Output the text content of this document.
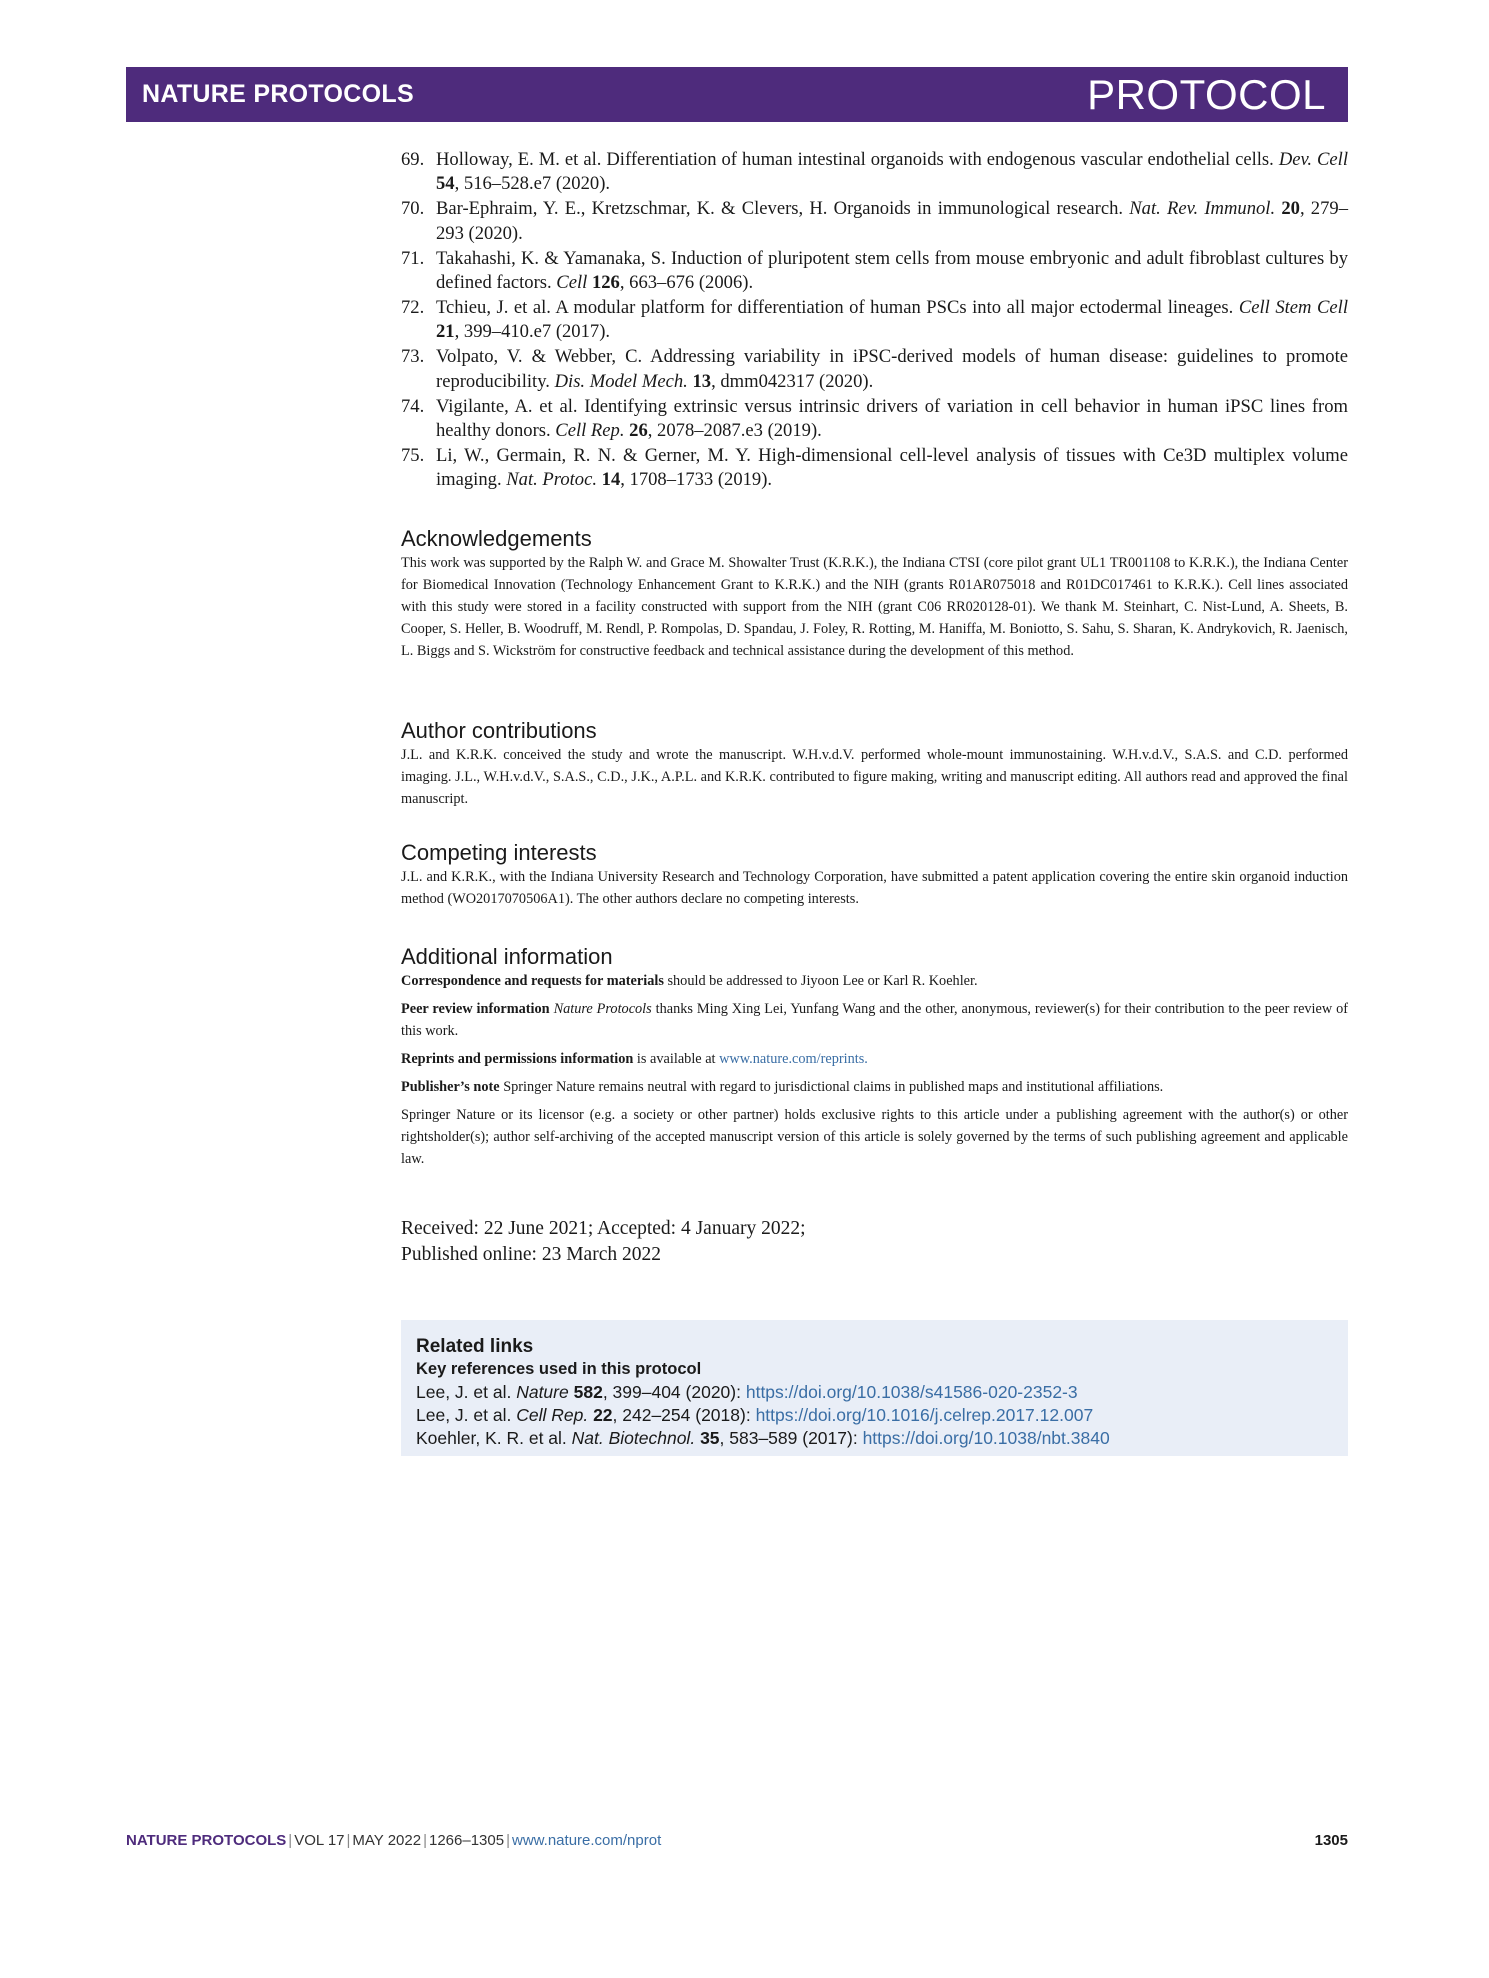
NATURE PROTOCOLS	PROTOCOL
69. Holloway, E. M. et al. Differentiation of human intestinal organoids with endogenous vascular endothelial cells. Dev. Cell 54, 516–528.e7 (2020).
70. Bar-Ephraim, Y. E., Kretzschmar, K. & Clevers, H. Organoids in immunological research. Nat. Rev. Immunol. 20, 279–293 (2020).
71. Takahashi, K. & Yamanaka, S. Induction of pluripotent stem cells from mouse embryonic and adult fibroblast cultures by defined factors. Cell 126, 663–676 (2006).
72. Tchieu, J. et al. A modular platform for differentiation of human PSCs into all major ectodermal lineages. Cell Stem Cell 21, 399–410.e7 (2017).
73. Volpato, V. & Webber, C. Addressing variability in iPSC-derived models of human disease: guidelines to promote reproducibility. Dis. Model Mech. 13, dmm042317 (2020).
74. Vigilante, A. et al. Identifying extrinsic versus intrinsic drivers of variation in cell behavior in human iPSC lines from healthy donors. Cell Rep. 26, 2078–2087.e3 (2019).
75. Li, W., Germain, R. N. & Gerner, M. Y. High-dimensional cell-level analysis of tissues with Ce3D multiplex volume imaging. Nat. Protoc. 14, 1708–1733 (2019).
Acknowledgements

This work was supported by the Ralph W. and Grace M. Showalter Trust (K.R.K.), the Indiana CTSI (core pilot grant UL1 TR001108 to K.R.K.), the Indiana Center for Biomedical Innovation (Technology Enhancement Grant to K.R.K.) and the NIH (grants R01AR075018 and R01DC017461 to K.R.K.). Cell lines associated with this study were stored in a facility constructed with support from the NIH (grant C06 RR020128-01). We thank M. Steinhart, C. Nist-Lund, A. Sheets, B. Cooper, S. Heller, B. Woodruff, M. Rendl, P. Rompolas, D. Spandau, J. Foley, R. Rotting, M. Haniffa, M. Boniotto, S. Sahu, S. Sharan, K. Andrykovich, R. Jaenisch, L. Biggs and S. Wickström for constructive feedback and technical assistance during the development of this method.

Author contributions

J.L. and K.R.K. conceived the study and wrote the manuscript. W.H.v.d.V. performed whole-mount immunostaining. W.H.v.d.V., S.A.S. and C.D. performed imaging. J.L., W.H.v.d.V., S.A.S., C.D., J.K., A.P.L. and K.R.K. contributed to figure making, writing and manuscript editing. All authors read and approved the final manuscript.

Competing interests

J.L. and K.R.K., with the Indiana University Research and Technology Corporation, have submitted a patent application covering the entire skin organoid induction method (WO2017070506A1). The other authors declare no competing interests.

Additional information

Correspondence and requests for materials should be addressed to Jiyoon Lee or Karl R. Koehler.

Peer review information Nature Protocols thanks Ming Xing Lei, Yunfang Wang and the other, anonymous, reviewer(s) for their contribution to the peer review of this work.

Reprints and permissions information is available at www.nature.com/reprints.

Publisher’s note Springer Nature remains neutral with regard to jurisdictional claims in published maps and institutional affiliations.

Springer Nature or its licensor (e.g. a society or other partner) holds exclusive rights to this article under a publishing agreement with the author(s) or other rightsholder(s); author self-archiving of the accepted manuscript version of this article is solely governed by the terms of such publishing agreement and applicable law.

Received: 22 June 2021; Accepted: 4 January 2022;
Published online: 23 March 2022
Related links
Key references used in this protocol
Lee, J. et al. Nature 582, 399–404 (2020): https://doi.org/10.1038/s41586-020-2352-3
Lee, J. et al. Cell Rep. 22, 242–254 (2018): https://doi.org/10.1016/j.celrep.2017.12.007
Koehler, K. R. et al. Nat. Biotechnol. 35, 583–589 (2017): https://doi.org/10.1038/nbt.3840
NATURE PROTOCOLS | VOL 17 | MAY 2022 | 1266–1305 | www.nature.com/nprot	1305
